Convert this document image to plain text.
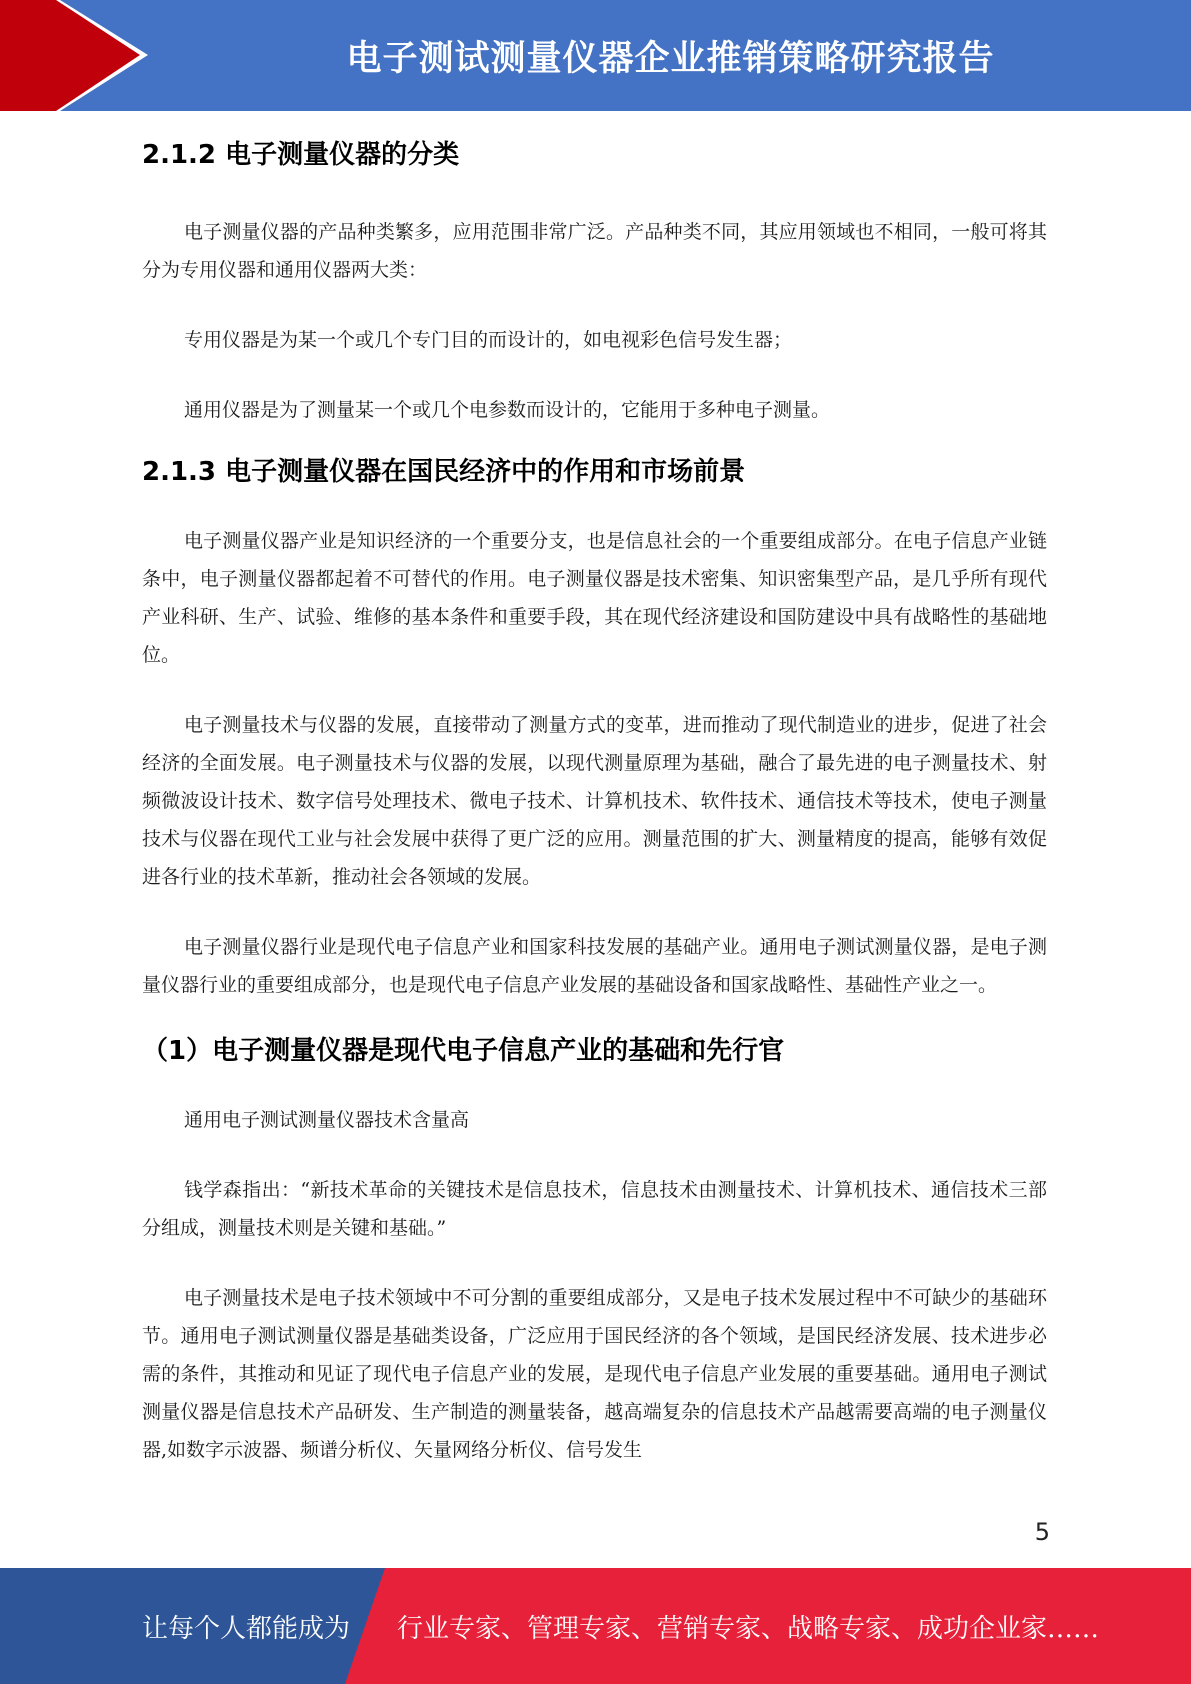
电子测试测量仪器企业推销策略研究报告
2.1.2 电子测量仪器的分类

电子测量仪器的产品种类繁多，应用范围非常广泛。产品种类不同，其应用领域也不相同，一般可将其分为专用仪器和通用仪器两大类：

专用仪器是为某一个或几个专门目的而设计的，如电视彩色信号发生器；

通用仪器是为了测量某一个或几个电参数而设计的，它能用于多种电子测量。

2.1.3 电子测量仪器在国民经济中的作用和市场前景

电子测量仪器产业是知识经济的一个重要分支，也是信息社会的一个重要组成部分。在电子信息产业链条中，电子测量仪器都起着不可替代的作用。电子测量仪器是技术密集、知识密集型产品，是几乎所有现代产业科研、生产、试验、维修的基本条件和重要手段，其在现代经济建设和国防建设中具有战略性的基础地位。

电子测量技术与仪器的发展，直接带动了测量方式的变革，进而推动了现代制造业的进步，促进了社会经济的全面发展。电子测量技术与仪器的发展，以现代测量原理为基础，融合了最先进的电子测量技术、射频微波设计技术、数字信号处理技术、微电子技术、计算机技术、软件技术、通信技术等技术，使电子测量技术与仪器在现代工业与社会发展中获得了更广泛的应用。测量范围的扩大、测量精度的提高，能够有效促进各行业的技术革新，推动社会各领域的发展。

电子测量仪器行业是现代电子信息产业和国家科技发展的基础产业。通用电子测试测量仪器，是电子测量仪器行业的重要组成部分，也是现代电子信息产业发展的基础设备和国家战略性、基础性产业之一。

（1）电子测量仪器是现代电子信息产业的基础和先行官

通用电子测试测量仪器技术含量高

钱学森指出：“新技术革命的关键技术是信息技术，信息技术由测量技术、计算机技术、通信技术三部分组成，测量技术则是关键和基础。”

电子测量技术是电子技术领域中不可分割的重要组成部分，又是电子技术发展过程中不可缺少的基础环节。通用电子测试测量仪器是基础类设备，广泛应用于国民经济的各个领域，是国民经济发展、技术进步必需的条件，其推动和见证了现代电子信息产业的发展，是现代电子信息产业发展的重要基础。通用电子测试测量仪器是信息技术产品研发、生产制造的测量装备，越高端复杂的信息技术产品越需要高端的电子测量仪器,如数字示波器、频谱分析仪、矢量网络分析仪、信号发生

5
让每个人都能成为 行业专家、管理专家、营销专家、战略专家、成功企业家……
